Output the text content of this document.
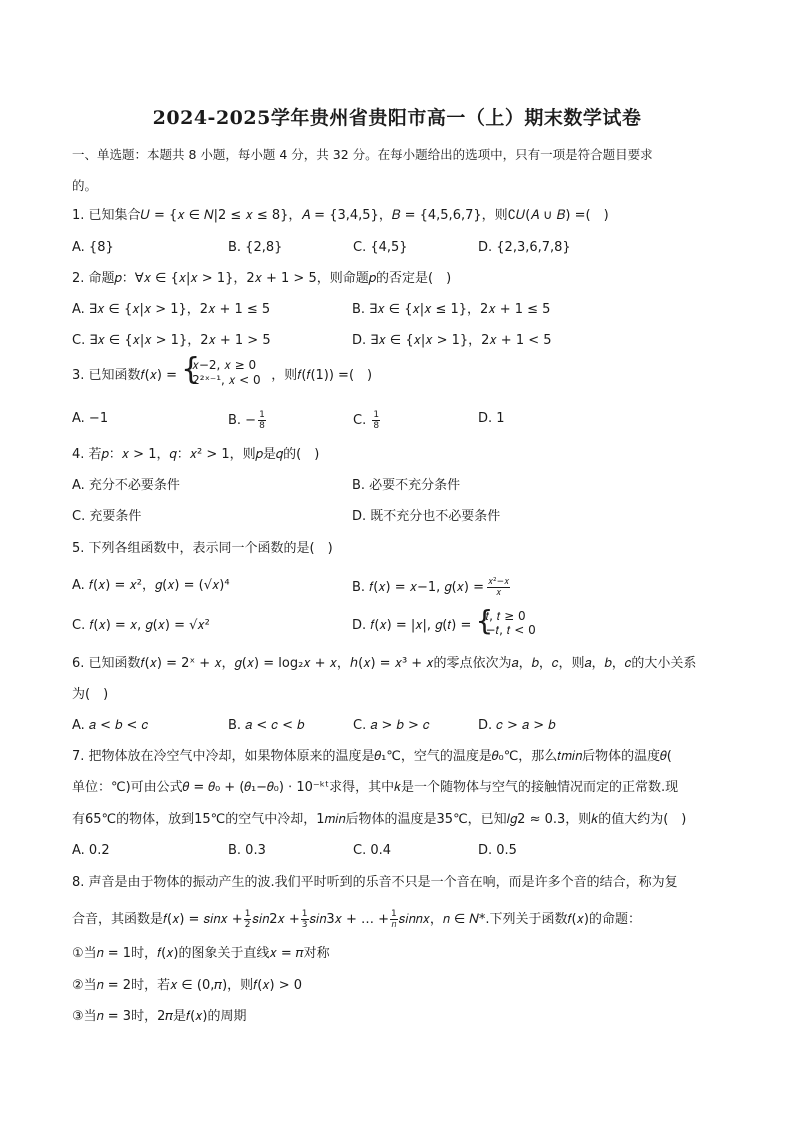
2024-2025学年贵州省贵阳市高一（上）期末数学试卷
一、单选题：本题共 8 小题，每小题 4 分，共 32 分。在每小题给出的选项中，只有一项是符合题目要求
的。
1. 已知集合𝑈 = {𝑥 ∈ 𝑁|2 ≤ 𝑥 ≤ 8}，𝐴 = {3,4,5}，𝐵 = {4,5,6,7}，则∁𝑈(𝐴 ∪ 𝐵) =(　)
A. {8}	B. {2,8}	C. {4,5}	D. {2,3,6,7,8}
2. 命题𝑝：∀𝑥 ∈ {𝑥|𝑥 > 1}，2𝑥 + 1 > 5，则命题𝑝的否定是(　)
A. ∃𝑥 ∈ {𝑥|𝑥 > 1}，2𝑥 + 1 ≤ 5	B. ∃𝑥 ∈ {𝑥|𝑥 ≤ 1}，2𝑥 + 1 ≤ 5
C. ∃𝑥 ∈ {𝑥|𝑥 > 1}，2𝑥 + 1 > 5	D. ∃𝑥 ∈ {𝑥|𝑥 > 1}，2𝑥 + 1 < 5
3. 已知函数𝑓(𝑥) = {
𝑥−2, 𝑥 ≥ 0
2²ˣ⁻¹, 𝑥 < 0 ，则𝑓(𝑓(1)) =(　)
A. −1	B. − $\frac{1}{8}$	C. $\frac{1}{8}$	D. 1
4. 若𝑝：𝑥 > 1，𝑞：𝑥² > 1，则𝑝是𝑞的(　)
A. 充分不必要条件	B. 必要不充分条件
C. 充要条件	D. 既不充分也不必要条件
5. 下列各组函数中，表示同一个函数的是(　)
A. 𝑓(𝑥) = 𝑥²，𝑔(𝑥) = (√𝑥)⁴	B. 𝑓(𝑥) = 𝑥−1, 𝑔(𝑥) = 𝑥²−𝑥
𝑥
C. 𝑓(𝑥) = 𝑥, 𝑔(𝑥) = √𝑥²	D. 𝑓(𝑥) = |𝑥|, 𝑔(𝑡) = {
𝑡, 𝑡 ≥ 0
−𝑡, 𝑡 < 0
6. 已知函数𝑓(𝑥) = 2ˣ + 𝑥，𝑔(𝑥) = log₂𝑥 + 𝑥，ℎ(𝑥) = 𝑥³ + 𝑥的零点依次为𝑎，𝑏，𝑐，则𝑎，𝑏，𝑐的大小关系
为(　)
A. 𝑎 < 𝑏 < 𝑐	B. 𝑎 < 𝑐 < 𝑏	C. 𝑎 > 𝑏 > 𝑐	D. 𝑐 > 𝑎 > 𝑏
7. 把物体放在冷空气中冷却，如果物体原来的温度是𝜃₁℃，空气的温度是𝜃₀℃，那么𝑡𝑚𝑖𝑛后物体的温度𝜃(
单位：℃)可由公式𝜃 = 𝜃₀ + (𝜃₁−𝜃₀) ⋅ 10⁻ᵏᵗ求得，其中𝑘是一个随物体与空气的接触情况而定的正常数.现
有65℃的物体，放到15℃的空气中冷却，1𝑚𝑖𝑛后物体的温度是35℃，已知𝑙𝑔2 ≈ 0.3，则𝑘的值大约为(　)
A. 0.2	B. 0.3	C. 0.4	D. 0.5
8. 声音是由于物体的振动产生的波.我们平时听到的乐音不只是一个音在响，而是许多个音的结合，称为复
合音，其函数是𝑓(𝑥) = 𝑠𝑖𝑛𝑥 + $\frac{1}{2}$ 𝑠𝑖𝑛2𝑥 + $\frac{1}{3}$ 𝑠𝑖𝑛3𝑥 + … + 1
𝑛 𝑠𝑖𝑛𝑛𝑥，𝑛 ∈ 𝑁*.下列关于函数𝑓(𝑥)的命题：
①当𝑛 = 1时，𝑓(𝑥)的图象关于直线𝑥 = 𝜋对称
②当𝑛 = 2时，若𝑥 ∈ (0,𝜋)，则𝑓(𝑥) > 0
③当𝑛 = 3时，2𝜋是𝑓(𝑥)的周期
